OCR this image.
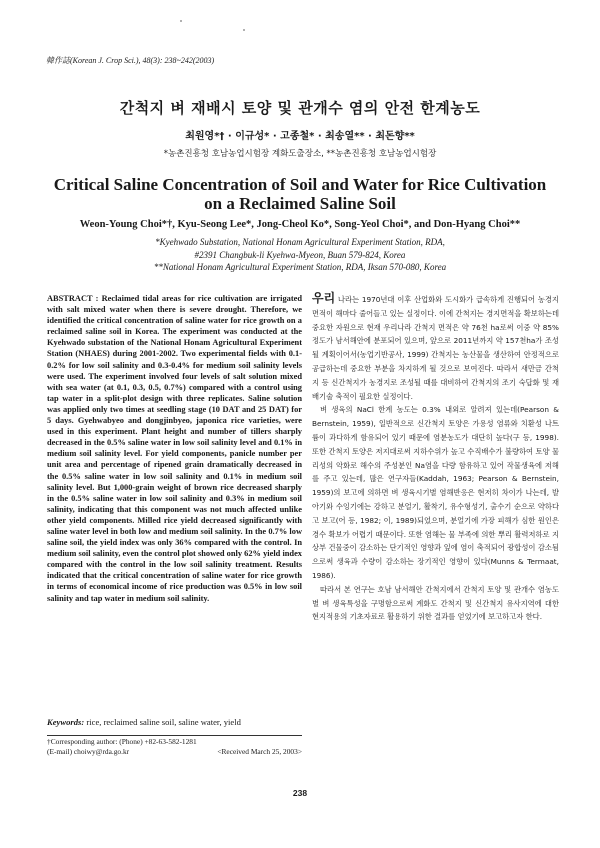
韓作誌(Korean J. Crop Sci.), 48(3): 238~242(2003)
간척지 벼 재배시 토양 및 관개수 염의 안전 한계농도
최원영*† · 이규성* · 고종철* · 최송열** · 최돈향**
*농촌진흥청 호남농업시험장 계화도출장소, **농촌진흥청 호남농업시험장
Critical Saline Concentration of Soil and Water for Rice Cultivation
on a Reclaimed Saline Soil
Weon-Young Choi*†, Kyu-Seong Lee*, Jong-Cheol Ko*, Song-Yeol Choi*, and Don-Hyang Choi**
*Kyehwado Substation, National Honam Agricultural Experiment Station, RDA,
#2391 Changbuk-li Kyehwa-Myeon, Buan 579-824, Korea
**National Honam Agricultural Experiment Station, RDA, Iksan 570-080, Korea
ABSTRACT : Reclaimed tidal areas for rice cultivation are irrigated with salt mixed water when there is severe drought. Therefore, we identified the critical concentration of saline water for rice growth on a reclaimed saline soil in Korea. The experiment was conducted at the Kyehwado substation of the National Honam Agricultural Experiment Station (NHAES) during 2001-2002. Two experimental fields with 0.1-0.2% for low soil salinity and 0.3-0.4% for medium soil salinity levels were used. The experiment involved four levels of salt solution mixed with sea water (at 0.1, 0.3, 0.5, 0.7%) compared with a control using tap water in a split-plot design with three replicates. Saline solution was applied only two times at seedling stage (10 DAT and 25 DAT) for 5 days. Gyehwabyeo and dongjinbyeo, japonica rice varieties, were used in this experiment. Plant height and number of tillers sharply decreased in the 0.5% saline water in low soil salinity level and 0.1% in medium soil salinity level. For yield components, panicle number per unit area and percentage of ripened grain dramatically decreased in the 0.5% saline water in low soil salinity and 0.1% in medium soil salinity level. But 1,000-grain weight of brown rice decreased sharply in the 0.5% saline water in low soil salinity and 0.3% in medium soil salinity, indicating that this component was not much affected unlike other yield components. Milled rice yield decreased significantly with saline water level in both low and medium soil salinity. In the 0.7% low saline soil, the yield index was only 36% compared with the control. In medium soil salinity, even the control plot showed only 62% yield index compared with the control in the low soil salinity treatment. Results indicated that the critical concentration of saline water for rice growth in terms of economical income of rice production was 0.5% in low soil salinity and tap water in medium soil salinity.
Keywords: rice, reclaimed saline soil, saline water, yield
†Corresponding author: (Phone) +82-63-582-1281
(E-mail) choiwy@rda.go.kr	<Received March 25, 2003>

우리 나라는 1970년대 이후 산업화와 도시화가 급속하게 진행되어 농경지 면적이 해마다 줄어들고 있는 실정이다. 이에 간척지는 경지면적을 확보하는데 중요한 자원으로 현재 우리나라 간척지 면적은 약 76천 ha로써 이중 약 85% 정도가 남서해안에 분포되어 있으며, 앞으로 2011년까지 약 157천ha가 조성될 계획이어서(농업기반공사, 1999) 간척지는 농산물을 생산하여 안정적으로 공급하는데 중요한 부분을 차지하게 될 것으로 보여진다. 따라서 새만금 간척지 등 신간척지가 농경지로 조성될 때를 대비하여 간척지의 조기 숙답화 및 재배기술 축적이 필요한 실정이다.

벼 생육의 NaCl 한계 농도는 0.3% 내외로 알려져 있는데(Pearson & Bernstein, 1959), 일반적으로 신간척지 토양은 가용성 염류와 치환성 나트륨이 과다하게 함유되어 있기 때문에 염분농도가 대단히 높다(구 등, 1998). 또한 간척지 토양은 저지대로써 지하수위가 높고 수직배수가 불량하여 토양 물리성의 악화로 해수의 주성분인 Na염을 다량 함유하고 있어 작물생육에 저해를 주고 있는데, 많은 연구자들(Kaddah, 1963; Pearson & Bernstein, 1959)의 보고에 의하면 벼 생육시기별 염해반응은 현저히 차이가 나는데, 발아기와 수잉기에는 강하고 분얼기, 활착기, 유수형성기, 출수기 순으로 약하다고 보고(어 등, 1982; 이, 1989)되었으며, 분얼기에 가장 피해가 심한 원인은 경수 확보가 어렵기 때문이다. 또한 염해는 물 부족에 의한 뿌리 활력저하로 지상부 건물중이 감소하는 단기적인 영향과 잎에 염이 축적되어 광합성이 감소됨으로써 생육과 수량이 감소하는 장기적인 영향이 있다(Munns & Termaat, 1986).

따라서 본 연구는 호남 남서해안 간척지에서 간척지 토양 및 관개수 염농도별 벼 생육특성을 구명함으로써 계화도 간척지 및 신간척지 유사지역에 대한 현지적용의 기초자료로 활용하기 위한 결과를 얻었기에 보고하고자 한다.

238
